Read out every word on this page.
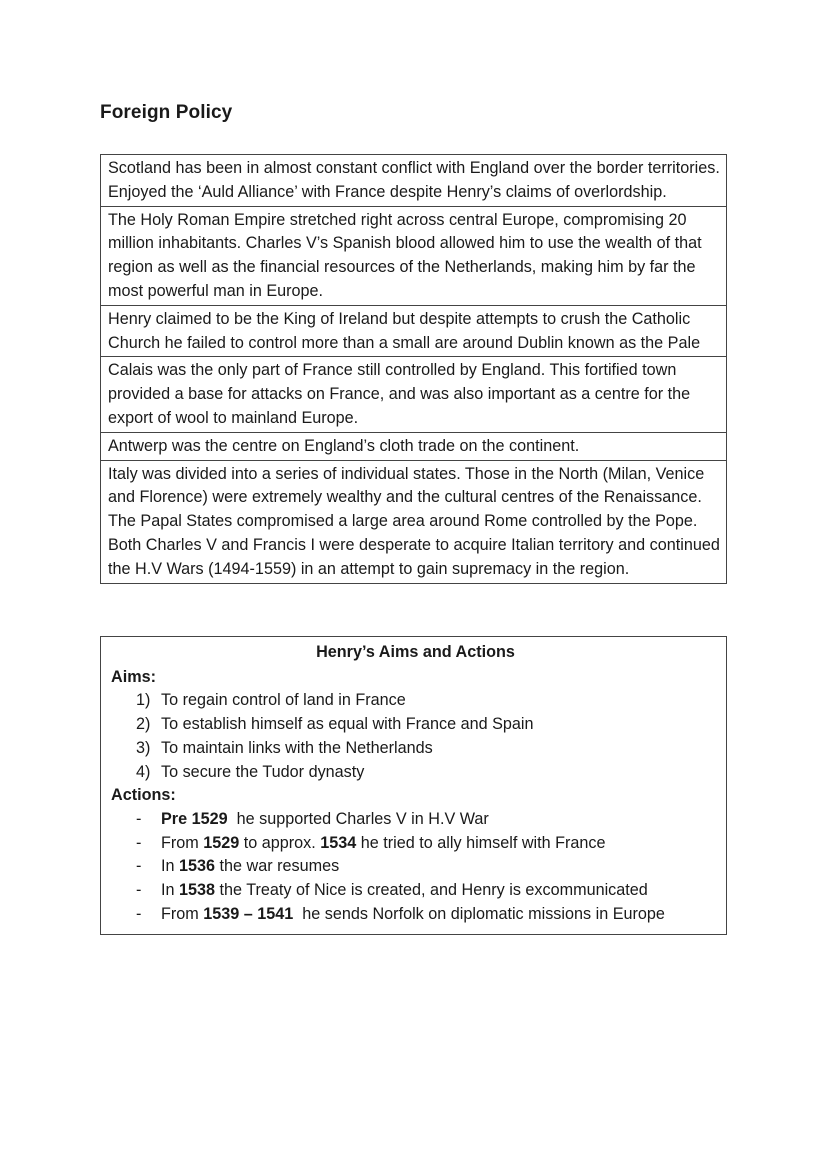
Foreign Policy
Scotland has been in almost constant conflict with England over the border territories. Enjoyed the ‘Auld Alliance’ with France despite Henry’s claims of overlordship.
The Holy Roman Empire stretched right across central Europe, compromising 20 million inhabitants. Charles V’s Spanish blood allowed him to use the wealth of that region as well as the financial resources of the Netherlands, making him by far the most powerful man in Europe.
Henry claimed to be the King of Ireland but despite attempts to crush the Catholic Church he failed to control more than a small are around Dublin known as the Pale
Calais was the only part of France still controlled by England. This fortified town provided a base for attacks on France, and was also important as a centre for the export of wool to mainland Europe.
Antwerp was the centre on England’s cloth trade on the continent.
Italy was divided into a series of individual states. Those in the North (Milan, Venice and Florence) were extremely wealthy and the cultural centres of the Renaissance. The Papal States compromised a large area around Rome controlled by the Pope. Both Charles V and Francis I were desperate to acquire Italian territory and continued the H.V Wars (1494-1559) in an attempt to gain supremacy in the region.
Henry’s Aims and Actions
Aims:
1) To regain control of land in France
2) To establish himself as equal with France and Spain
3) To maintain links with the Netherlands
4) To secure the Tudor dynasty
Actions:
-	Pre 1529  he supported Charles V in H.V War
-	From 1529 to approx. 1534 he tried to ally himself with France
-	In 1536 the war resumes
-	In 1538 the Treaty of Nice is created, and Henry is excommunicated
-	From 1539 – 1541  he sends Norfolk on diplomatic missions in Europe
